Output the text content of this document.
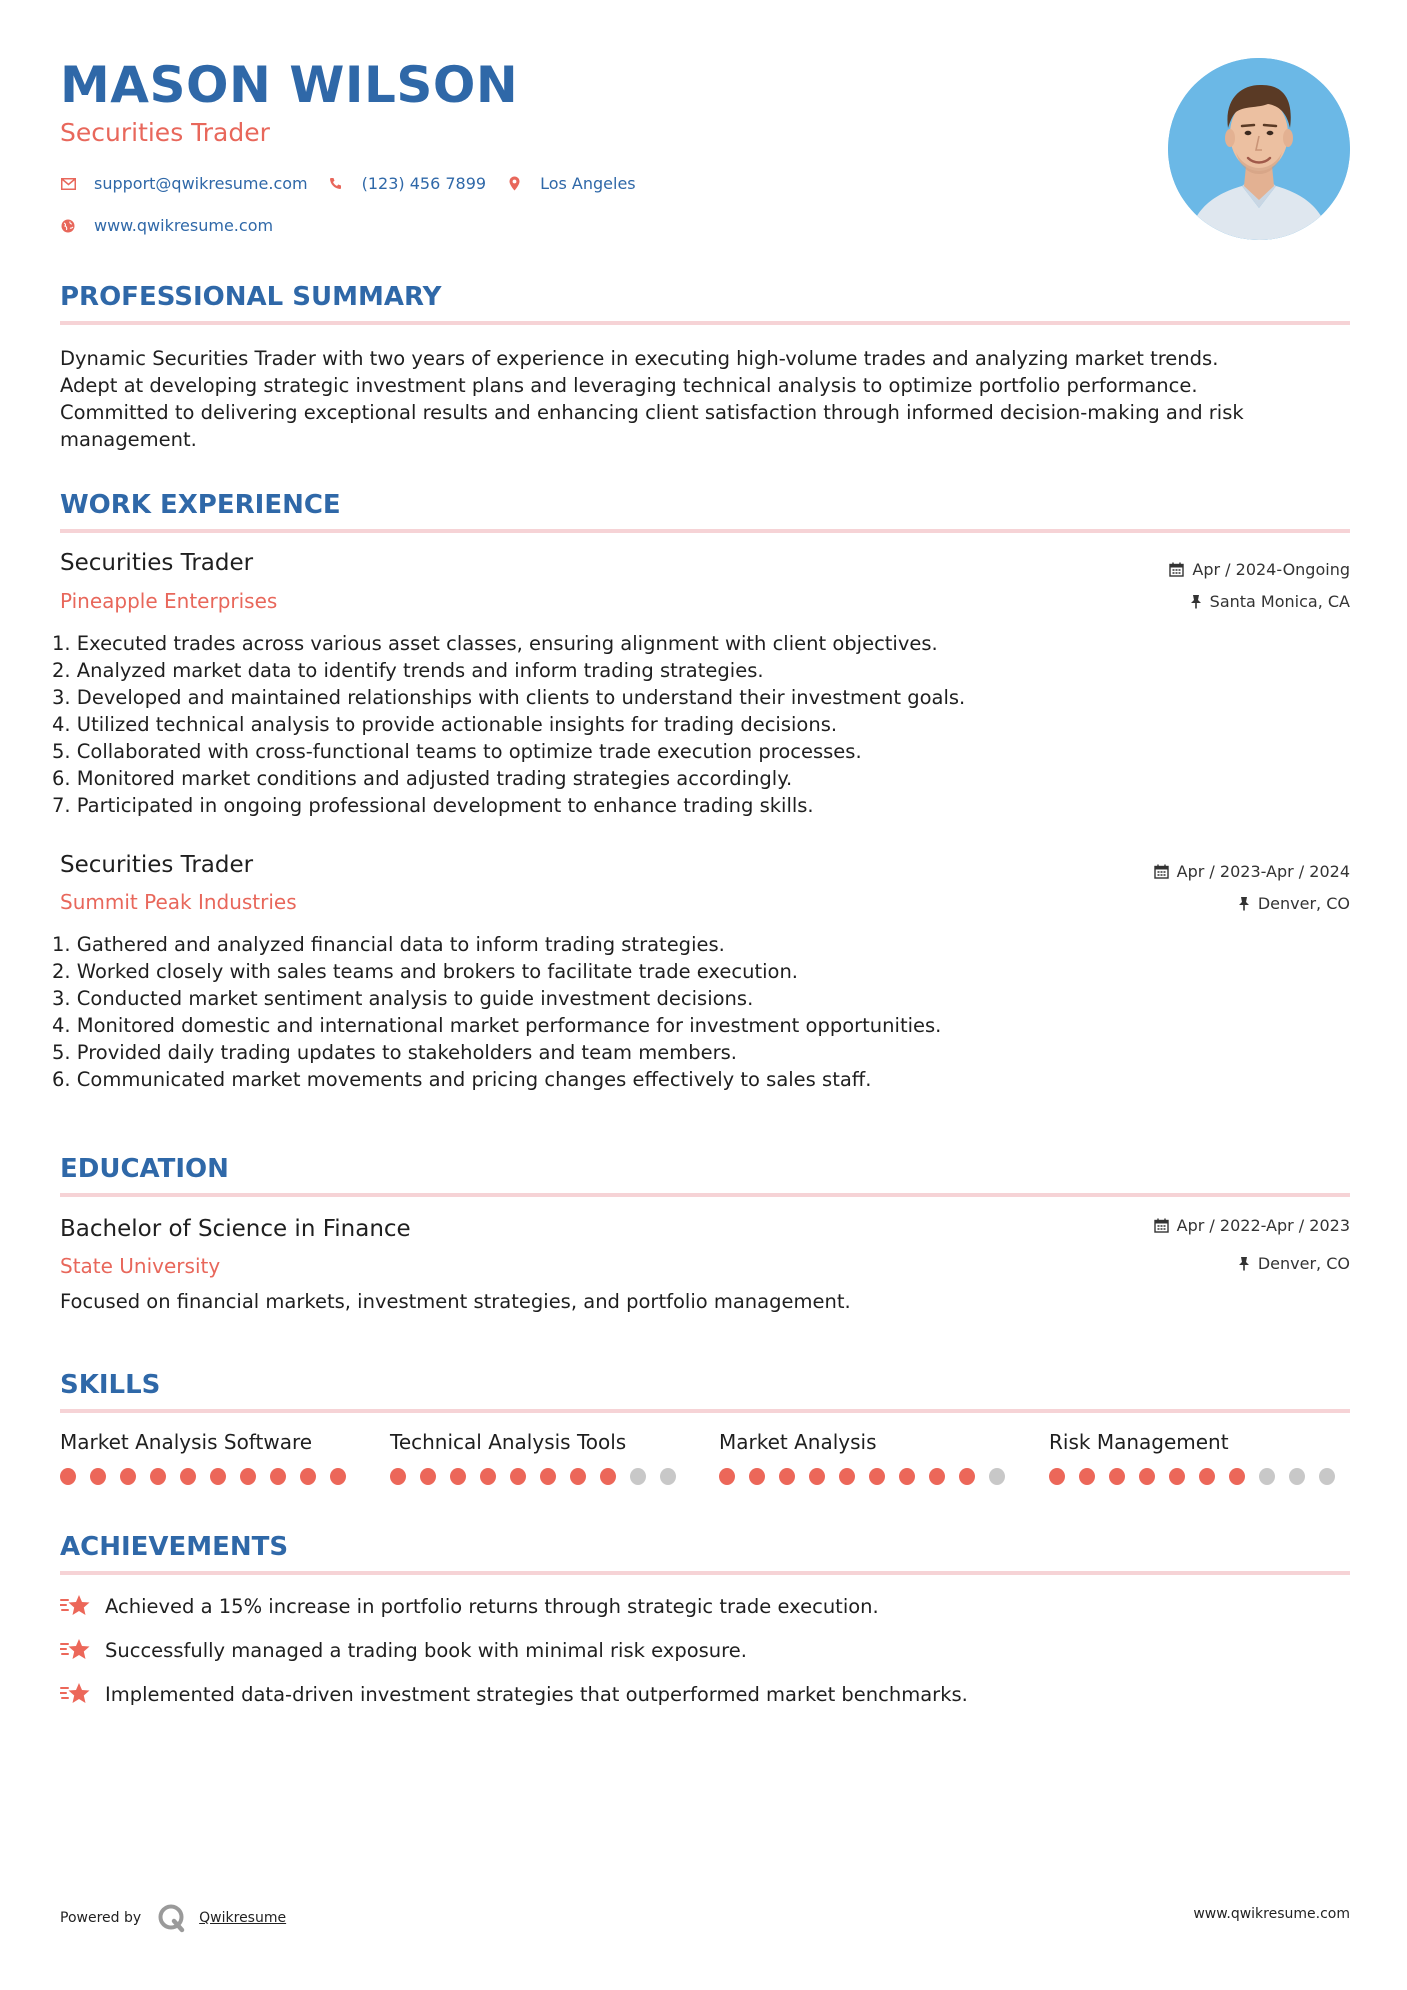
MASON WILSON
Securities Trader
support@qwikresume.com	(123) 456 7899	Los Angeles
www.qwikresume.com
PROFESSIONAL SUMMARY
Dynamic Securities Trader with two years of experience in executing high-volume trades and analyzing market trends.
Adept at developing strategic investment plans and leveraging technical analysis to optimize portfolio performance.
Committed to delivering exceptional results and enhancing client satisfaction through informed decision-making and risk
management.
WORK EXPERIENCE
Securities Trader
Pineapple Enterprises
Apr / 2024-Ongoing
Santa Monica, CA
1. Executed trades across various asset classes, ensuring alignment with client objectives.
2. Analyzed market data to identify trends and inform trading strategies.
3. Developed and maintained relationships with clients to understand their investment goals.
4. Utilized technical analysis to provide actionable insights for trading decisions.
5. Collaborated with cross-functional teams to optimize trade execution processes.
6. Monitored market conditions and adjusted trading strategies accordingly.
7. Participated in ongoing professional development to enhance trading skills.
Securities Trader
Summit Peak Industries
Apr / 2023-Apr / 2024
Denver, CO
1. Gathered and analyzed financial data to inform trading strategies.
2. Worked closely with sales teams and brokers to facilitate trade execution.
3. Conducted market sentiment analysis to guide investment decisions.
4. Monitored domestic and international market performance for investment opportunities.
5. Provided daily trading updates to stakeholders and team members.
6. Communicated market movements and pricing changes effectively to sales staff.
EDUCATION
Bachelor of Science in Finance
State University
Apr / 2022-Apr / 2023
Denver, CO
Focused on financial markets, investment strategies, and portfolio management.
SKILLS
Market Analysis Software	Technical Analysis Tools	Market Analysis	Risk Management
ACHIEVEMENTS
Achieved a 15% increase in portfolio returns through strategic trade execution.
Successfully managed a trading book with minimal risk exposure.
Implemented data-driven investment strategies that outperformed market benchmarks.
Powered by	Qwikresume	www.qwikresume.com
